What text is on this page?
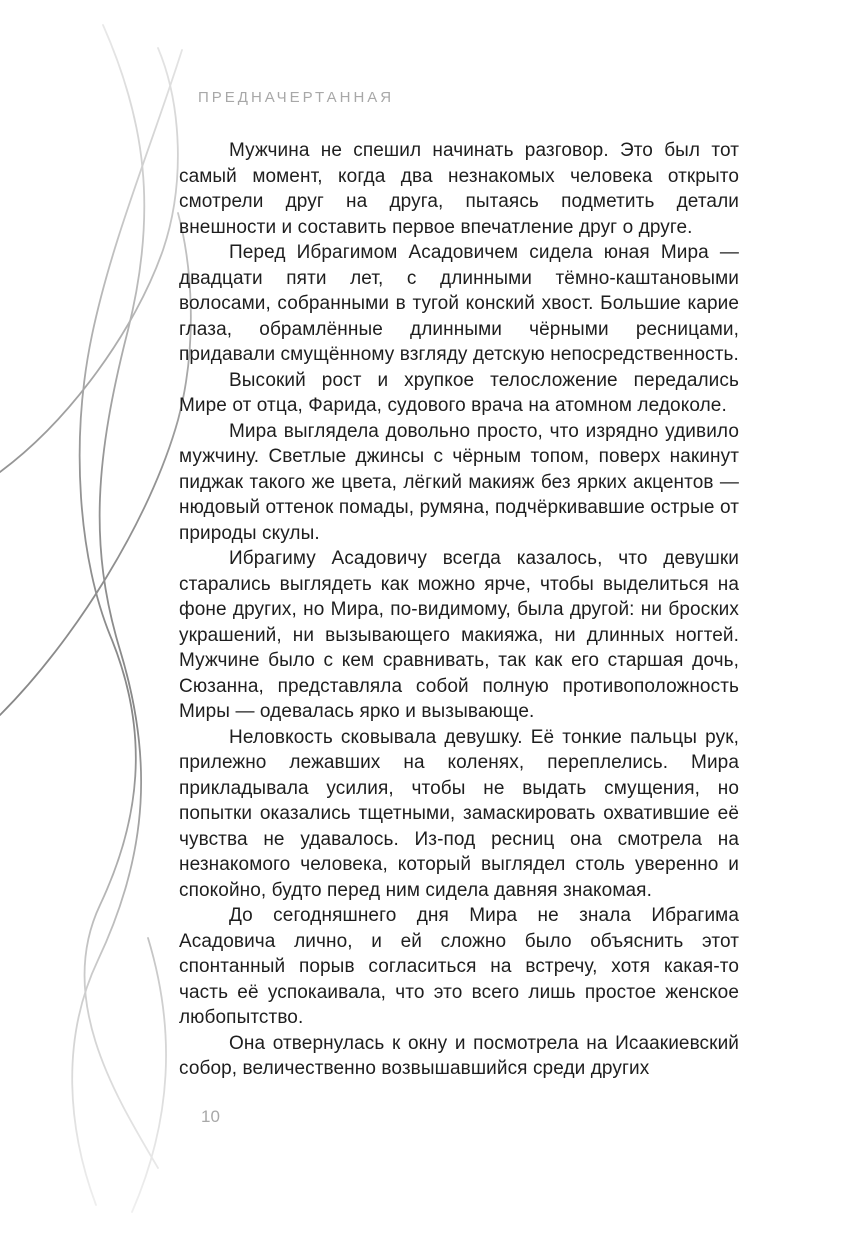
ПРЕДНАЧЕРТАННАЯ

Мужчина не спешил начинать разговор. Это был тот самый момент, когда два незнакомых человека открыто смотрели друг на друга, пытаясь подметить детали внешности и составить первое впечатление друг о друге.

Перед Ибрагимом Асадовичем сидела юная Мира — двадцати пяти лет, с длинными тёмно-каштановыми волосами, собранными в тугой конский хвост. Большие карие глаза, обрамлённые длинными чёрными ресницами, придавали смущённому взгляду детскую непосредственность.

Высокий рост и хрупкое телосложение передались Мире от отца, Фарида, судового врача на атомном ледоколе.

Мира выглядела довольно просто, что изрядно удивило мужчину. Светлые джинсы с чёрным топом, поверх накинут пиджак такого же цвета, лёгкий макияж без ярких акцентов — нюдовый оттенок помады, румяна, подчёркивавшие острые от природы скулы.

Ибрагиму Асадовичу всегда казалось, что девушки старались выглядеть как можно ярче, чтобы выделиться на фоне других, но Мира, по-видимому, была другой: ни броских украшений, ни вызывающего макияжа, ни длинных ногтей. Мужчине было с кем сравнивать, так как его старшая дочь, Сюзанна, представляла собой полную противоположность Миры — одевалась ярко и вызывающе.

Неловкость сковывала девушку. Её тонкие пальцы рук, прилежно лежавших на коленях, переплелись. Мира прикладывала усилия, чтобы не выдать смущения, но попытки оказались тщетными, замаскировать охватившие её чувства не удавалось. Из-под ресниц она смотрела на незнакомого человека, который выглядел столь уверенно и спокойно, будто перед ним сидела давняя знакомая.

До сегодняшнего дня Мира не знала Ибрагима Асадовича лично, и ей сложно было объяснить этот спонтанный порыв согласиться на встречу, хотя какая-то часть её успокаивала, что это всего лишь простое женское любопытство.

Она отвернулась к окну и посмотрела на Исаакиевский собор, величественно возвышавшийся среди других

10
